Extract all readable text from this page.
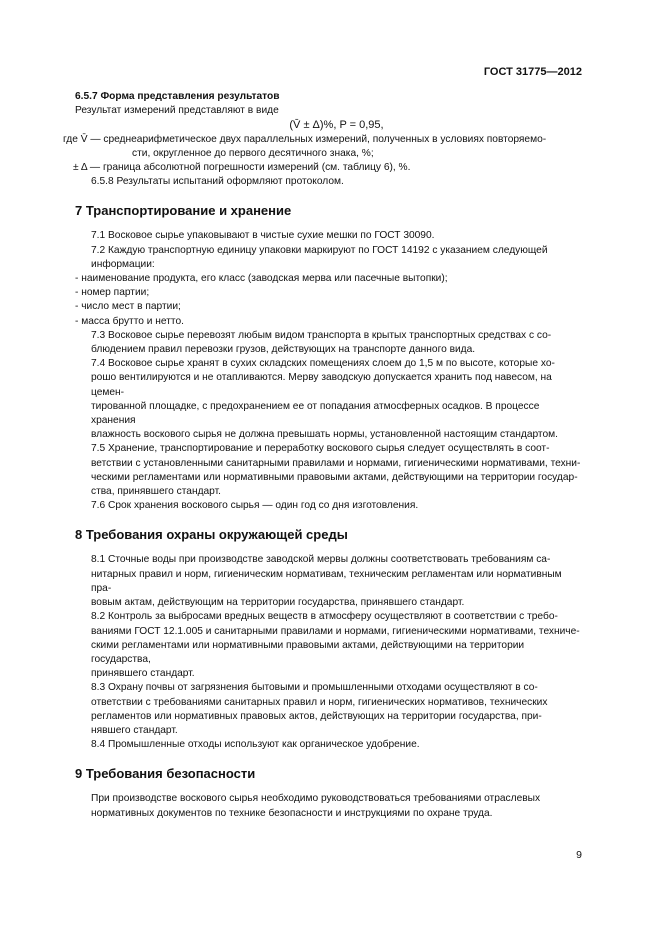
ГОСТ 31775—2012

6.5.7 Форма представления результатов

Результат измерений представляют в виде

(V̄ ± Δ)%, P = 0,95,

где V̄ — среднеарифметическое двух параллельных измерений, полученных в условиях повторяемо-

сти, округленное до первого десятичного знака, %;

± Δ — граница абсолютной погрешности измерений (см. таблицу 6), %.

6.5.8 Результаты испытаний оформляют протоколом.

7 Транспортирование и хранение

7.1 Восковое сырье упаковывают в чистые сухие мешки по ГОСТ 30090.

7.2 Каждую транспортную единицу упаковки маркируют по ГОСТ 14192 с указанием следующей

информации:

- наименование продукта, его класс (заводская мерва или пасечные вытопки);

- номер партии;

- число мест в партии;

- масса брутто и нетто.

7.3 Восковое сырье перевозят любым видом транспорта в крытых транспортных средствах с со-

блюдением правил перевозки грузов, действующих на транспорте данного вида.

7.4 Восковое сырье хранят в сухих складских помещениях слоем до 1,5 м по высоте, которые хо-

рошо вентилируются и не отапливаются. Мерву заводскую допускается хранить под навесом, на цемен-

тированной площадке, с предохранением ее от попадания атмосферных осадков. В процессе хранения

влажность воскового сырья не должна превышать нормы, установленной настоящим стандартом.

7.5 Хранение, транспортирование и переработку воскового сырья следует осуществлять в соот-

ветствии с установленными санитарными правилами и нормами, гигиеническими нормативами, техни-

ческими регламентами или нормативными правовыми актами, действующими на территории государ-

ства, принявшего стандарт.

7.6 Срок хранения воскового сырья — один год со дня изготовления.

8 Требования охраны окружающей среды

8.1 Сточные воды при производстве заводской мервы должны соответствовать требованиям са-

нитарных правил и норм, гигиеническим нормативам, техническим регламентам или нормативным пра-

вовым актам, действующим на территории государства, принявшего стандарт.

8.2 Контроль за выбросами вредных веществ в атмосферу осуществляют в соответствии с требо-

ваниями ГОСТ 12.1.005 и санитарными правилами и нормами, гигиеническими нормативами, техниче-

скими регламентами или нормативными правовыми актами, действующими на территории государства,

принявшего стандарт.

8.3 Охрану почвы от загрязнения бытовыми и промышленными отходами осуществляют в со-

ответствии с требованиями санитарных правил и норм, гигиенических нормативов, технических

регламентов или нормативных правовых актов, действующих на территории государства, при-

нявшего стандарт.

8.4 Промышленные отходы используют как органическое удобрение.

9 Требования безопасности

При производстве воскового сырья необходимо руководствоваться требованиями отраслевых

нормативных документов по технике безопасности и инструкциями по охране труда.

9
